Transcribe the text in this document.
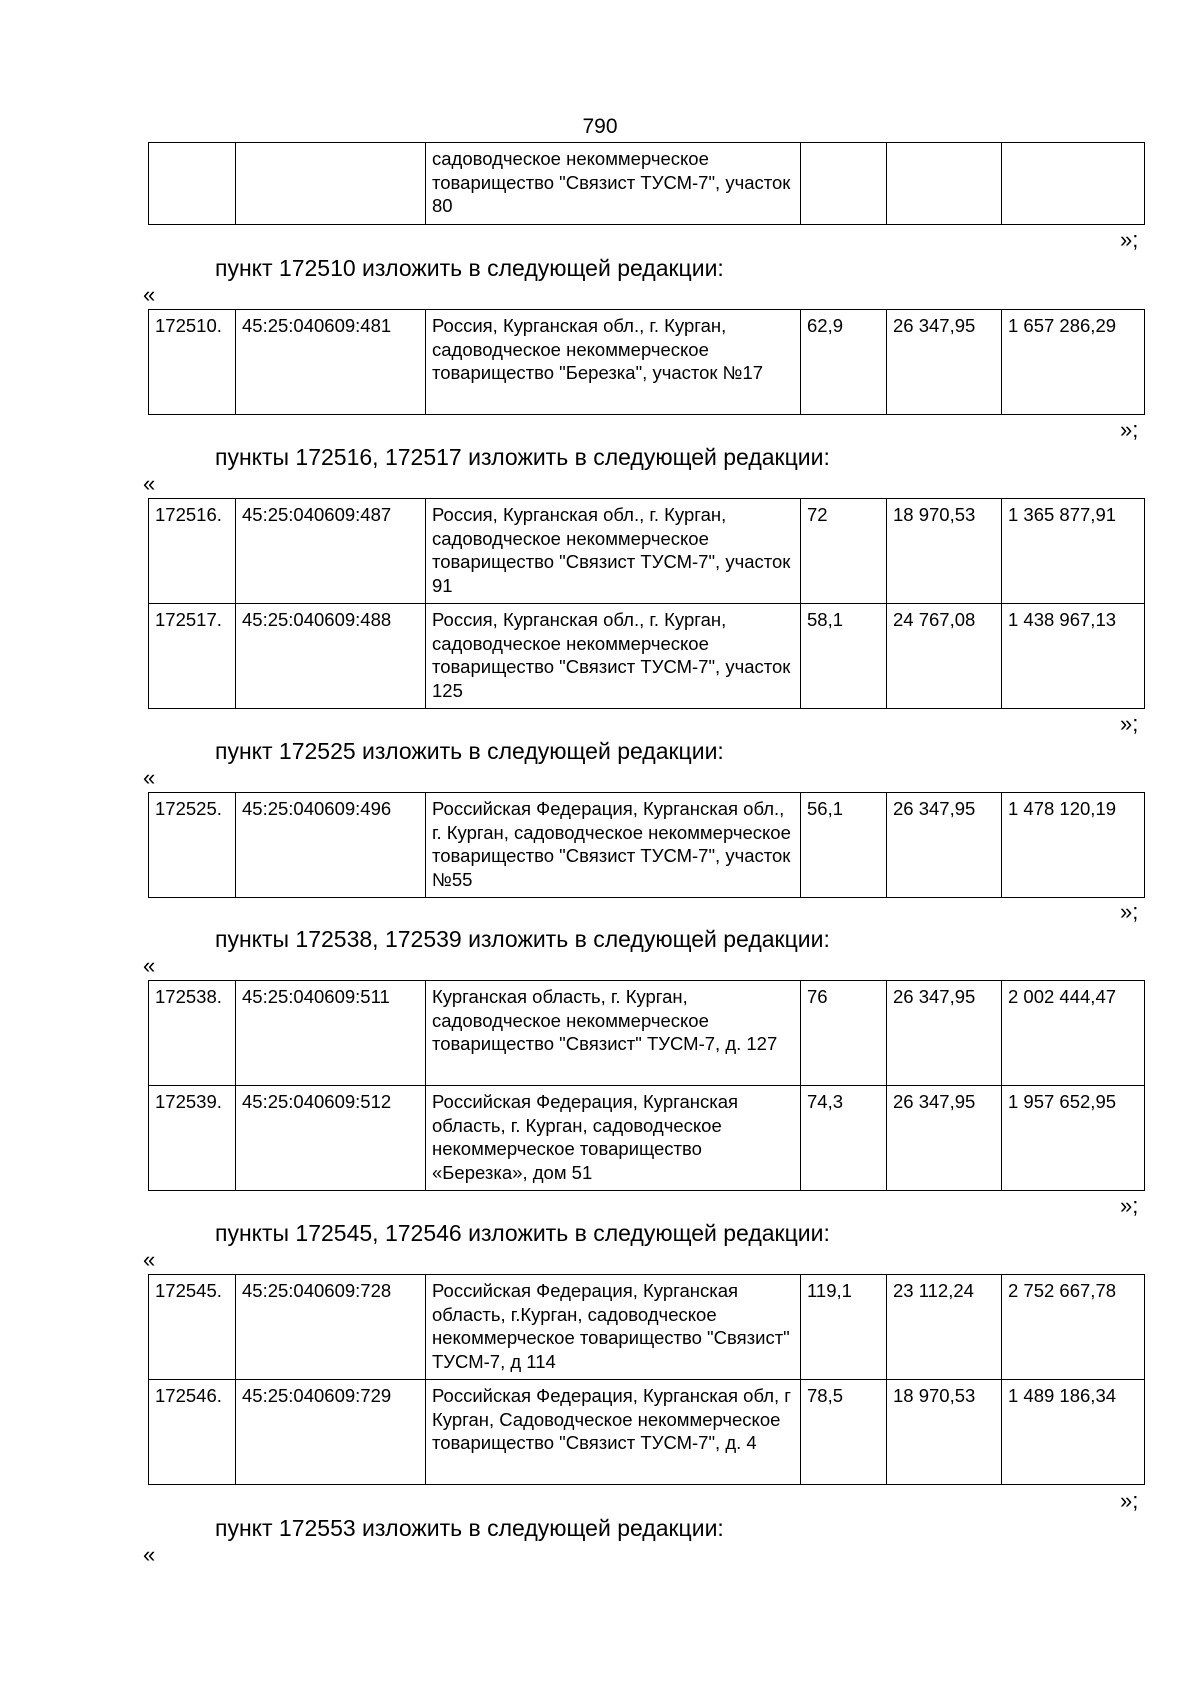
790
		садоводческое некоммерческое товарищество "Связист ТУСМ-7", участок 80			
»;
пункт 172510 изложить в следующей редакции:
«
172510.	45:25:040609:481	Россия, Курганская обл., г. Курган, садоводческое некоммерческое товарищество "Березка", участок №17	62,9	26 347,95	1 657 286,29
»;
пункты 172516, 172517 изложить в следующей редакции:
«
172516.	45:25:040609:487	Россия, Курганская обл., г. Курган, садоводческое некоммерческое товарищество "Связист ТУСМ-7", участок 91	72	18 970,53	1 365 877,91
172517.	45:25:040609:488	Россия, Курганская обл., г. Курган, садоводческое некоммерческое товарищество "Связист ТУСМ-7", участок 125	58,1	24 767,08	1 438 967,13
»;
пункт 172525 изложить в следующей редакции:
«
172525.	45:25:040609:496	Российская Федерация, Курганская обл., г. Курган, садоводческое некоммерческое товарищество "Связист ТУСМ-7", участок №55	56,1	26 347,95	1 478 120,19
»;
пункты 172538, 172539 изложить в следующей редакции:
«
172538.	45:25:040609:511	Курганская область, г. Курган, садоводческое некоммерческое товарищество "Связист" ТУСМ-7, д. 127	76	26 347,95	2 002 444,47
172539.	45:25:040609:512	Российская Федерация, Курганская область, г. Курган, садоводческое некоммерческое товарищество «Березка», дом 51	74,3	26 347,95	1 957 652,95
»;
пункты 172545, 172546 изложить в следующей редакции:
«
172545.	45:25:040609:728	Российская Федерация, Курганская область, г.Курган, садоводческое некоммерческое товарищество "Связист" ТУСМ-7, д 114	119,1	23 112,24	2 752 667,78
172546.	45:25:040609:729	Российская Федерация, Курганская обл, г Курган, Садоводческое некоммерческое товарищество "Связист ТУСМ-7", д. 4	78,5	18 970,53	1 489 186,34
»;
пункт 172553 изложить в следующей редакции:
«
